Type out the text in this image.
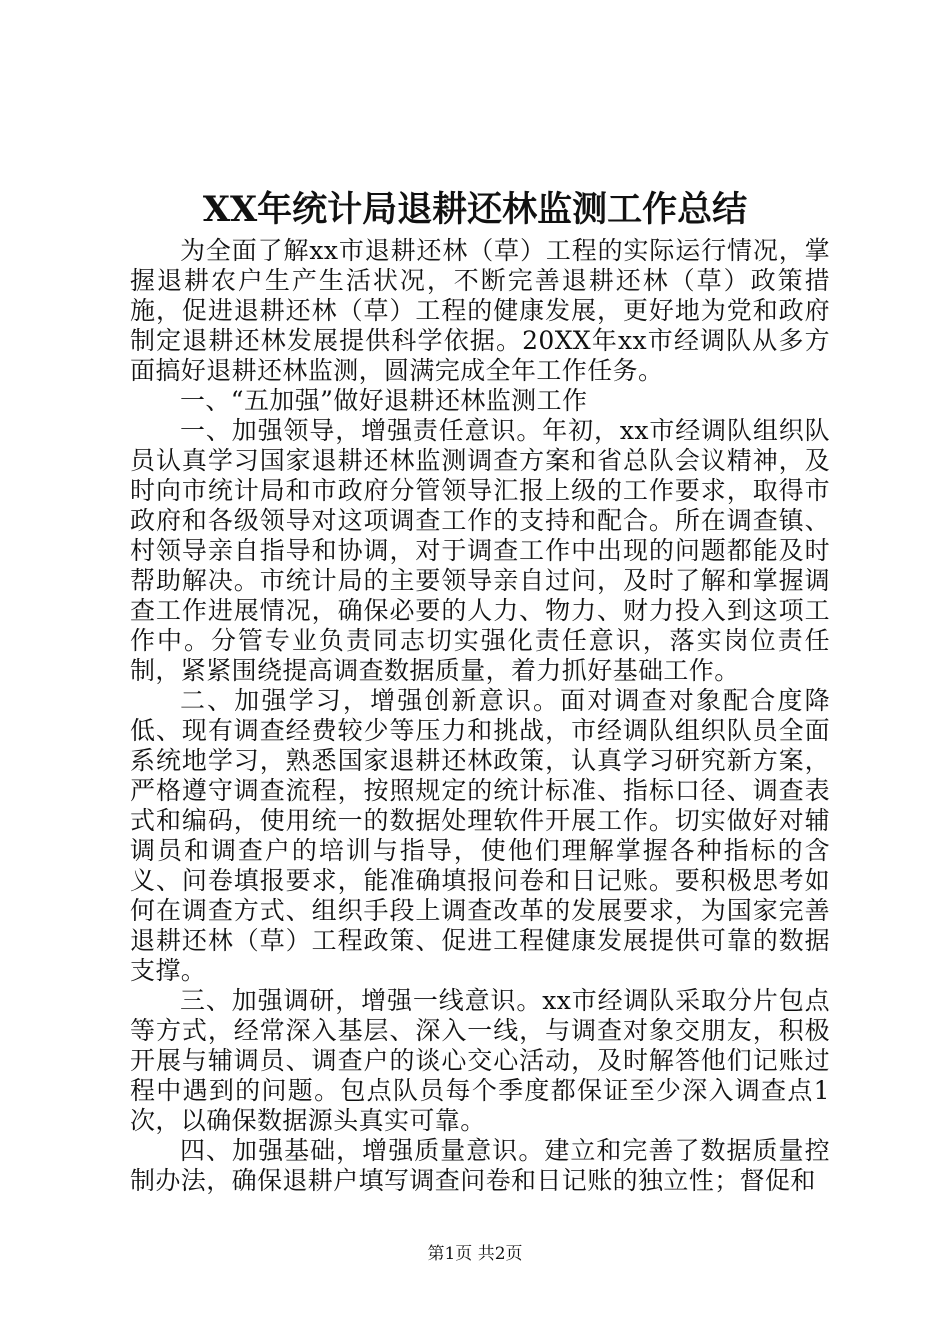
XX年统计局退耕还林监测工作总结

为全面了解xx市退耕还林（草）工程的实际运行情况，掌握退耕农户生产生活状况，不断完善退耕还林（草）政策措施，促进退耕还林（草）工程的健康发展，更好地为党和政府制定退耕还林发展提供科学依据。20XX年xx市经调队从多方面搞好退耕还林监测，圆满完成全年工作任务。

一、“五加强”做好退耕还林监测工作

一、加强领导，增强责任意识。年初，xx市经调队组织队员认真学习国家退耕还林监测调查方案和省总队会议精神，及时向市统计局和市政府分管领导汇报上级的工作要求，取得市政府和各级领导对这项调查工作的支持和配合。所在调查镇、村领导亲自指导和协调，对于调查工作中出现的问题都能及时帮助解决。市统计局的主要领导亲自过问，及时了解和掌握调查工作进展情况，确保必要的人力、物力、财力投入到这项工作中。分管专业负责同志切实强化责任意识，落实岗位责任制，紧紧围绕提高调查数据质量，着力抓好基础工作。

二、加强学习，增强创新意识。面对调查对象配合度降低、现有调查经费较少等压力和挑战，市经调队组织队员全面系统地学习，熟悉国家退耕还林政策，认真学习研究新方案，严格遵守调查流程，按照规定的统计标准、指标口径、调查表式和编码，使用统一的数据处理软件开展工作。切实做好对辅调员和调查户的培训与指导，使他们理解掌握各种指标的含义、问卷填报要求，能准确填报问卷和日记账。要积极思考如何在调查方式、组织手段上调查改革的发展要求，为国家完善退耕还林（草）工程政策、促进工程健康发展提供可靠的数据支撑。

三、加强调研，增强一线意识。xx市经调队采取分片包点等方式，经常深入基层、深入一线，与调查对象交朋友，积极开展与辅调员、调查户的谈心交心活动，及时解答他们记账过程中遇到的问题。包点队员每个季度都保证至少深入调查点1次，以确保数据源头真实可靠。

四、加强基础，增强质量意识。建立和完善了数据质量控制办法，确保退耕户填写调查问卷和日记账的独立性；督促和

第1页 共2页
